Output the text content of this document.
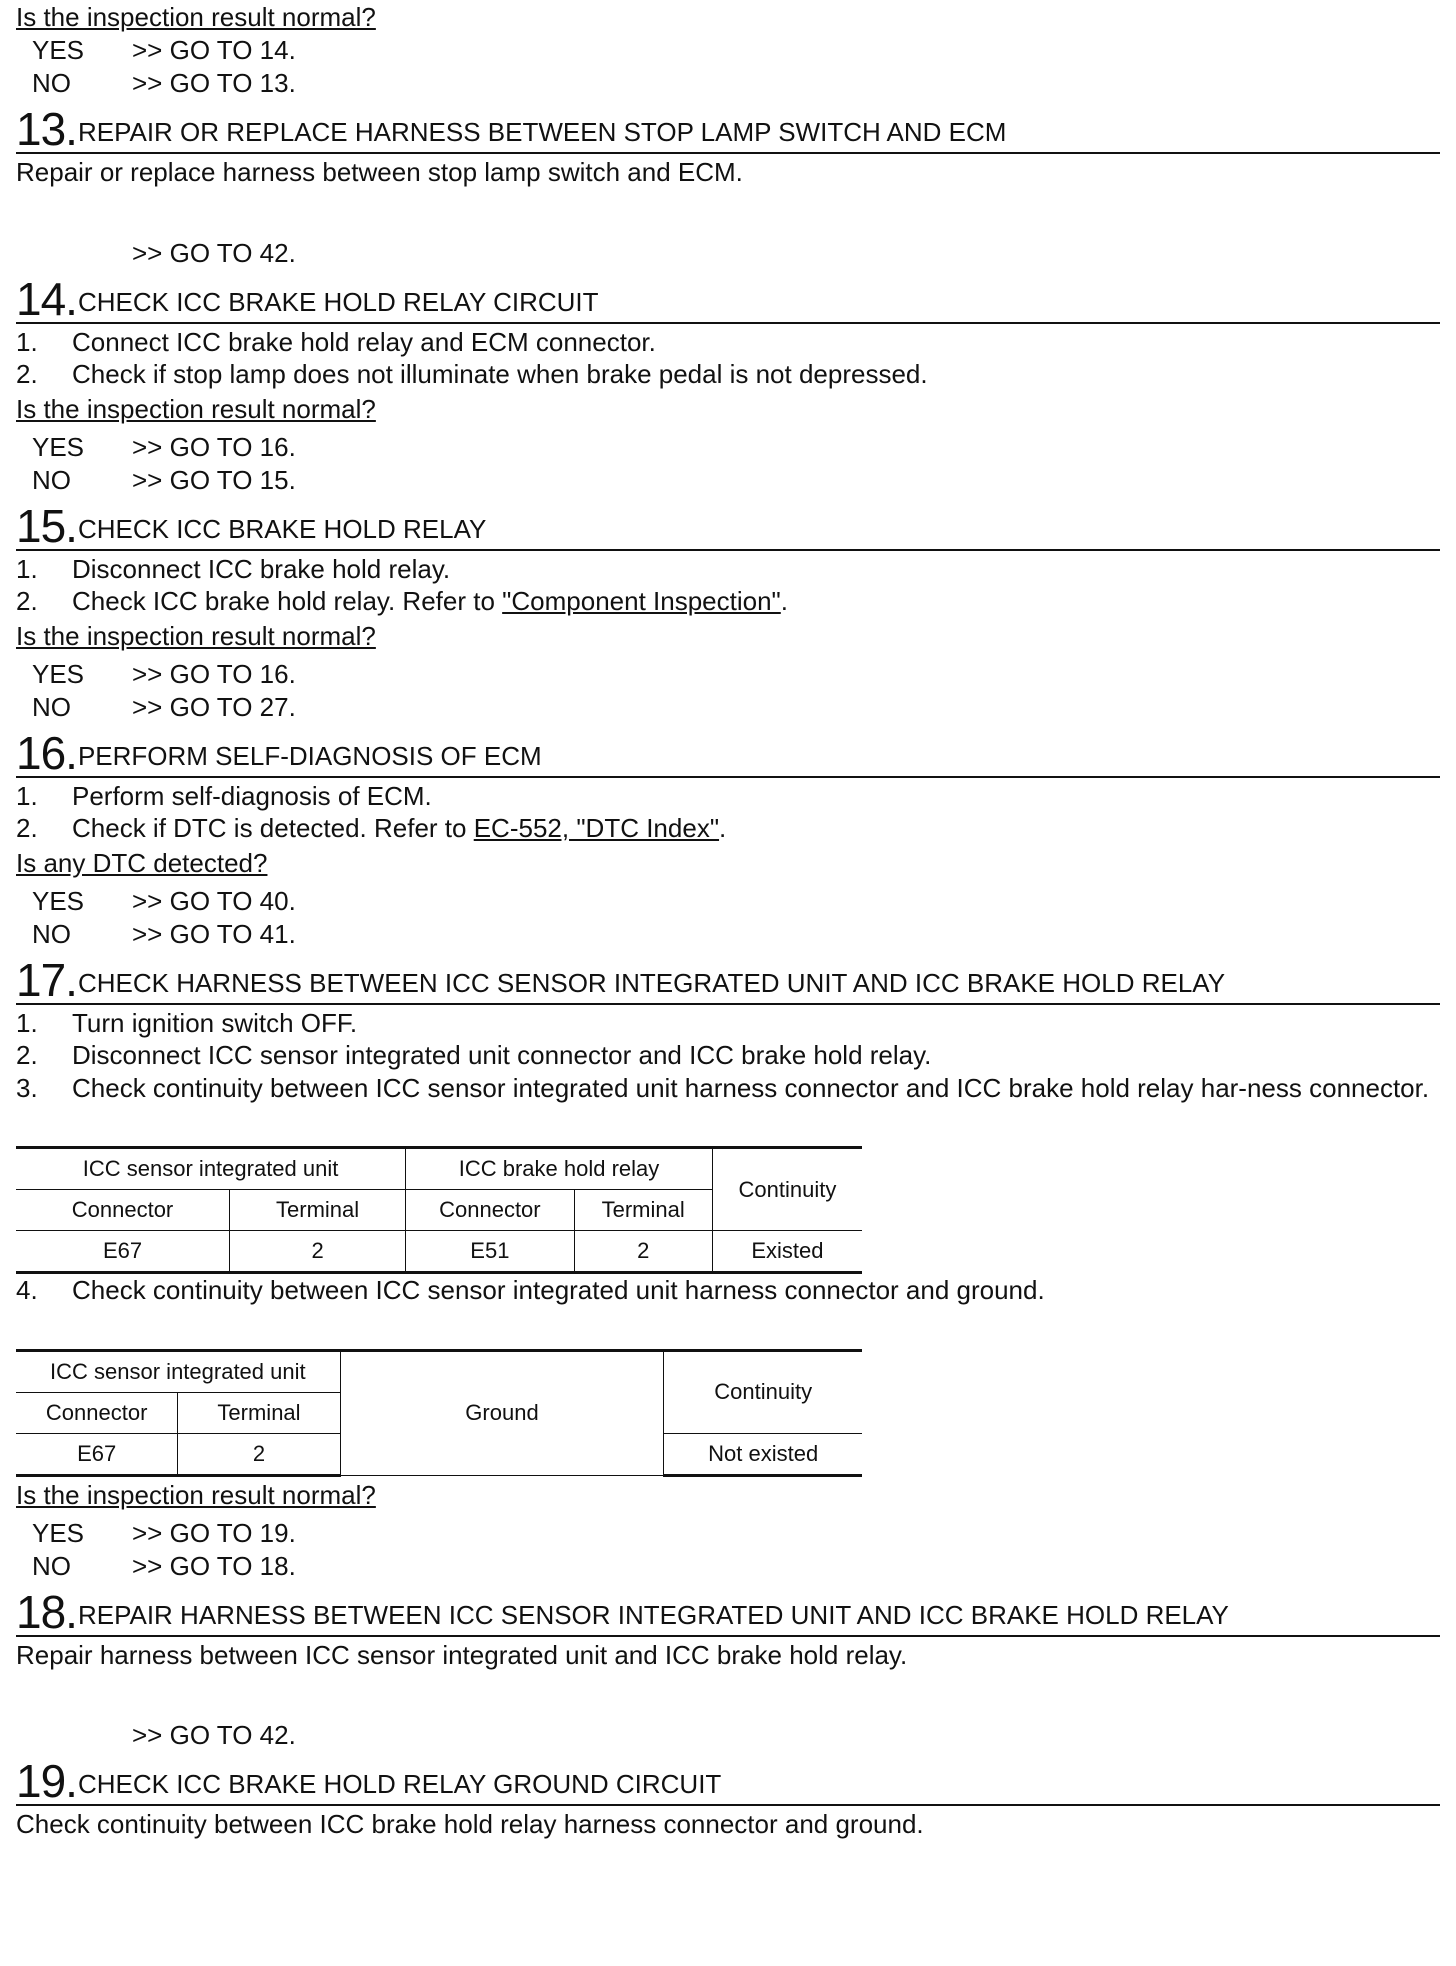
Is the inspection result normal?
YES >> GO TO 14.
NO >> GO TO 13.
13 . REPAIR OR REPLACE HARNESS BETWEEN STOP LAMP SWITCH AND ECM
Repair or replace harness between stop lamp switch and ECM.
>> GO TO 42.
14 . CHECK ICC BRAKE HOLD RELAY CIRCUIT
1.	Connect ICC brake hold relay and ECM connector.
2.	Check if stop lamp does not illuminate when brake pedal is not depressed.
Is the inspection result normal?
YES >> GO TO 16.
NO >> GO TO 15.
15 . CHECK ICC BRAKE HOLD RELAY
1.	Disconnect ICC brake hold relay.
2.	Check ICC brake hold relay. Refer to "Component Inspection".
Is the inspection result normal?
YES >> GO TO 16.
NO >> GO TO 27.
16 . PERFORM SELF-DIAGNOSIS OF ECM
1.	Perform self-diagnosis of ECM.
2.	Check if DTC is detected. Refer to EC-552, "DTC Index".
Is any DTC detected?
YES >> GO TO 40.
NO >> GO TO 41.
17 . CHECK HARNESS BETWEEN ICC SENSOR INTEGRATED UNIT AND ICC BRAKE HOLD RELAY
1.	Turn ignition switch OFF.
2.	Disconnect ICC sensor integrated unit connector and ICC brake hold relay.
3.	Check continuity between ICC sensor integrated unit harness connector and ICC brake hold relay har-ness connector.
ICC sensor integrated unit		ICC brake hold relay		Continuity
Connector	Terminal	Connector	Terminal	
E67	2	E51	2	Existed
4.	Check continuity between ICC sensor integrated unit harness connector and ground.
ICC sensor integrated unit		Ground	Continuity
Connector	Terminal		
E67	2		Not existed
Is the inspection result normal?
YES >> GO TO 19.
NO >> GO TO 18.
18 . REPAIR HARNESS BETWEEN ICC SENSOR INTEGRATED UNIT AND ICC BRAKE HOLD RELAY
Repair harness between ICC sensor integrated unit and ICC brake hold relay.
>> GO TO 42.
19 . CHECK ICC BRAKE HOLD RELAY GROUND CIRCUIT
Check continuity between ICC brake hold relay harness connector and ground.
